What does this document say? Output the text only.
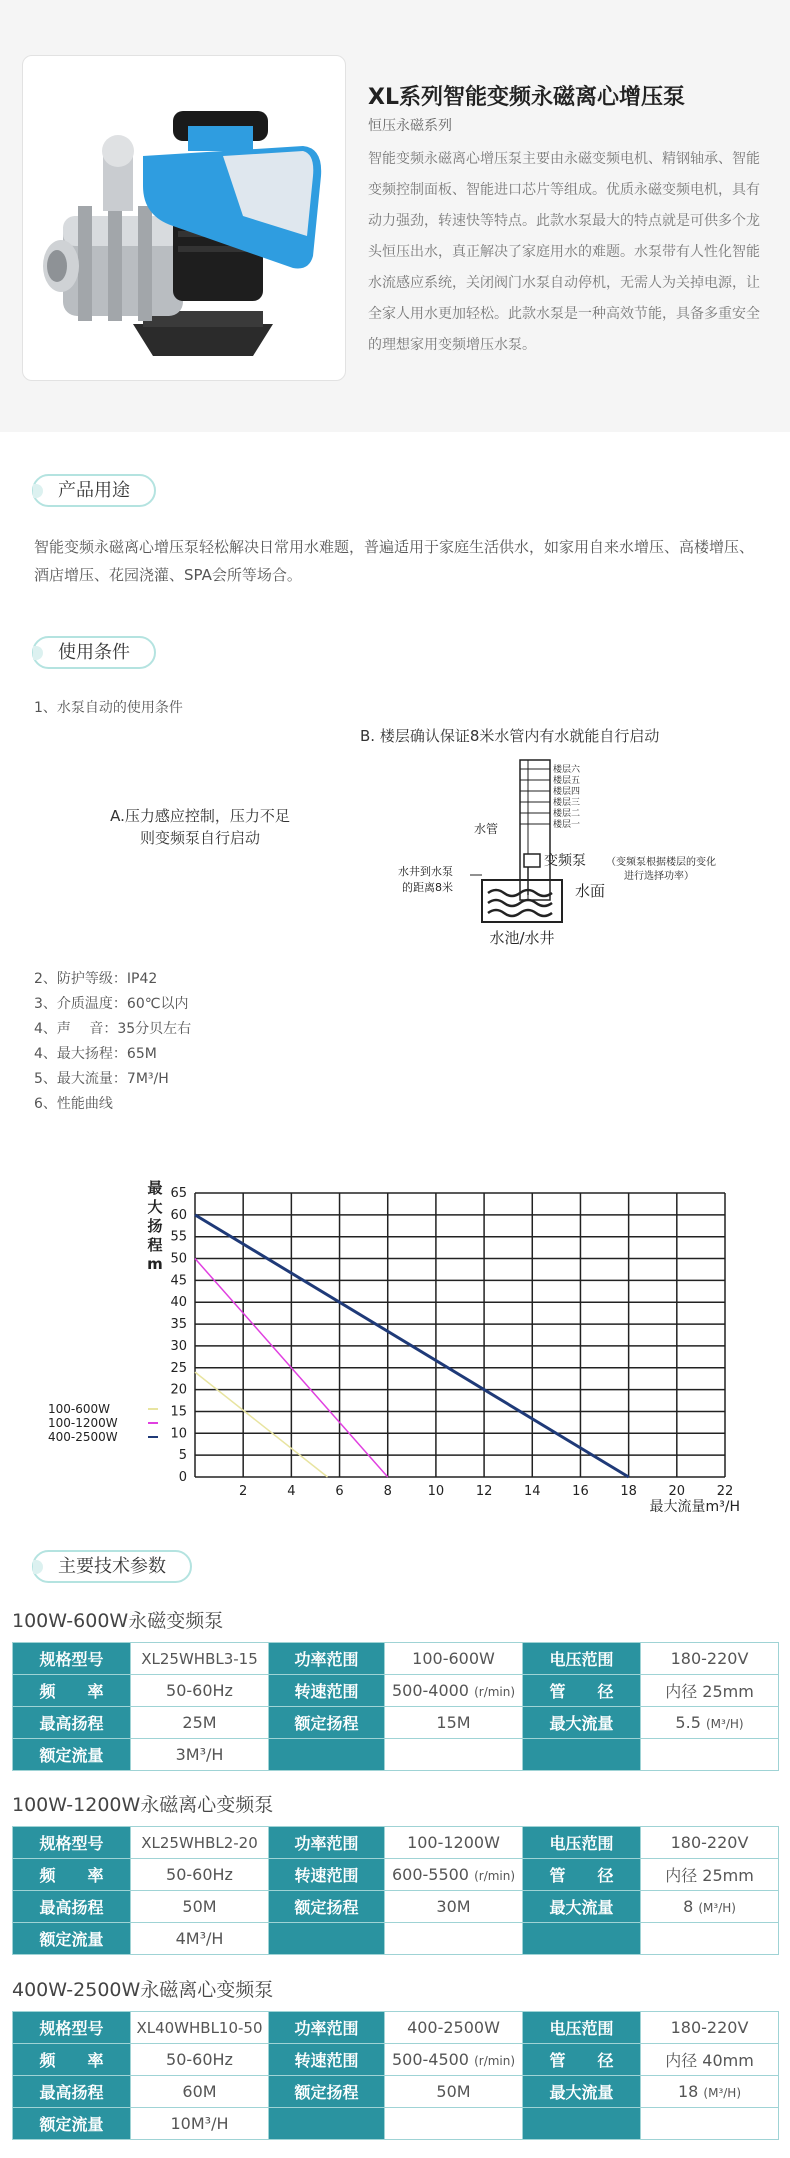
XL系列智能变频永磁离心增压泵
恒压永磁系列
智能变频永磁离心增压泵主要由永磁变频电机、精钢轴承、智能变频控制面板、智能进口芯片等组成。优质永磁变频电机，具有动力强劲，转速快等特点。此款水泵最大的特点就是可供多个龙头恒压出水，真正解决了家庭用水的难题。水泵带有人性化智能水流感应系统，关闭阀门水泵自动停机，无需人为关掉电源，让全家人用水更加轻松。此款水泵是一种高效节能，具备多重安全的理想家用变频增压水泵。
产品用途
智能变频永磁离心增压泵轻松解决日常用水难题，普遍适用于家庭生活供水，如家用自来水增压、高楼增压、酒店增压、花园浇灌、SPA会所等场合。
使用条件
1、水泵自动的使用条件
B. 楼层确认保证8米水管内有水就能自行启动
A.压力感应控制，压力不足
则变频泵自行启动
楼层六
楼层五
楼层四
楼层三
楼层二
楼层一
水管
变频泵 （变频泵根据楼层的变化
进行选择功率）
水井到水泵
的距离8米	水面
水池/水井
2、防护等级：IP42
3、介质温度：60℃以内
4、声　 音：35分贝左右
4、最大扬程：65M
5、最大流量：7M³/H
6、性能曲线
最
大
扬
程
m
0
5
10
15
20
25
30
35
40
45
50
55
60
65
2	4	6	8	10 12 14 16 18 20 22
100-600W
100-1200W
400-2500W
最大流量m³/H
主要技术参数
100W-600W永磁变频泵
规格型号	XL25WHBL3-15	功率范围	100-600W	电压范围	180-220V
频　　率	50-60Hz	转速范围	500-4000 (r/min)	管　　径	内径 25mm
最高扬程	25M	额定扬程	15M	最大流量	5.5 (M³/H)
额定流量	3M³/H				
100W-1200W永磁离心变频泵
规格型号	XL25WHBL2-20	功率范围	100-1200W	电压范围	180-220V
频　　率	50-60Hz	转速范围	600-5500 (r/min)	管　　径	内径 25mm
最高扬程	50M	额定扬程	30M	最大流量	8 (M³/H)
额定流量	4M³/H				
400W-2500W永磁离心变频泵
规格型号	XL40WHBL10-50	功率范围	400-2500W	电压范围	180-220V
频　　率	50-60Hz	转速范围	500-4500 (r/min)	管　　径	内径 40mm
最高扬程	60M	额定扬程	50M	最大流量	18 (M³/H)
额定流量	10M³/H				
